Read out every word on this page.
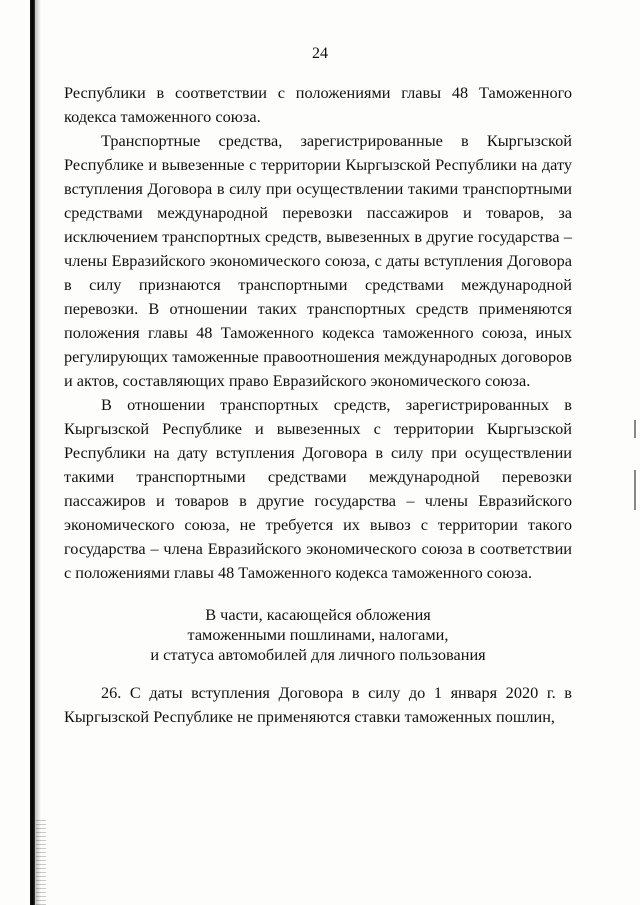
24

Республики в соответствии с положениями главы 48 Таможенного кодекса таможенного союза.

Транспортные средства, зарегистрированные в Кыргызской Республике и вывезенные с территории Кыргызской Республики на дату вступления Договора в силу при осуществлении такими транспортными средствами международной перевозки пассажиров и товаров, за исключением транспортных средств, вывезенных в другие государства – члены Евразийского экономического союза, с даты вступления Договора в силу признаются транспортными средствами международной перевозки. В отношении таких транспортных средств применяются положения главы 48 Таможенного кодекса таможенного союза, иных регулирующих таможенные правоотношения международных договоров и актов, составляющих право Евразийского экономического союза.

В отношении транспортных средств, зарегистрированных в Кыргызской Республике и вывезенных с территории Кыргызской Республики на дату вступления Договора в силу при осуществлении такими транспортными средствами международной перевозки пассажиров и товаров в другие государства – члены Евразийского экономического союза, не требуется их вывоз с территории такого государства – члена Евразийского экономического союза в соответствии с положениями главы 48 Таможенного кодекса таможенного союза.

В части, касающейся обложения
таможенными пошлинами, налогами,
и статуса автомобилей для личного пользования

26. С даты вступления Договора в силу до 1 января 2020 г. в Кыргызской Республике не применяются ставки таможенных пошлин,
